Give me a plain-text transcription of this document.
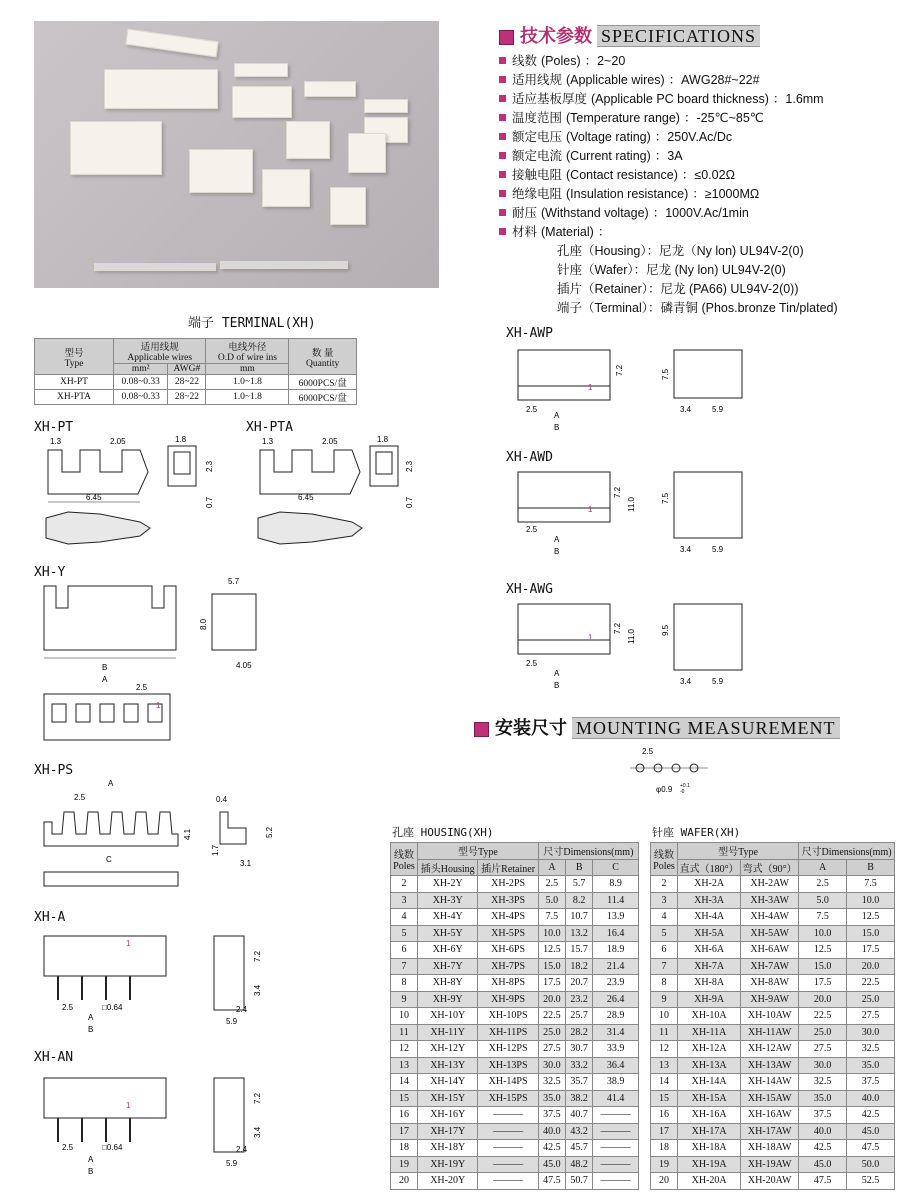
技术参数 SPECIFICATIONS
线数 (Poles) ：2~20
适用线规 (Applicable wires) ：AWG28#~22#
适应基板厚度 (Applicable PC board thickness) ：1.6mm
温度范围 (Temperature range) ：-25℃~85℃
额定电压 (Voltage rating) ：250V.Ac/Dc
额定电流 (Current rating) ：3A
接触电阻 (Contact resistance) ：≤0.02Ω
绝缘电阻 (Insulation resistance) ：≥1000MΩ
耐压 (Withstand voltage) ：1000V.Ac/1min
材料 (Material) ：
孔座（Housing）：尼龙（Ny lon) UL94V-2(0)
针座（Wafer）：尼龙 (Ny lon) UL94V-2(0)
插片（Retainer）：尼龙 (PA66) UL94V-2(0))
端子（Terminal）：磷青铜 (Phos.bronze Tin/plated)
端子 TERMINAL(XH)
型号
Type	适用线规
Applicable wires		电线外径
O.D of wire ins	数 量
Quantity
	mm²	AWG#	mm	
XH-PT	0.08~0.33	28~22	1.0~1.8	6000PCS/盘
XH-PTA	0.08~0.33	28~22	1.0~1.8	6000PCS/盘
XH-PT	XH-PTA
XH-Y
XH-PS
XH-A
XH-AN
XH-AWP
XH-AWD
XH-AWG
1.3	2.05
6.45
1.8
2.3
0.7
1.3	2.05
6.45
1.8
2.3
0.7
B
5.7
8.0
4.05
A
2.5
1
A
2.5
C
0.4
4.1	5.2
1.7
3.1
1
2.5	□0.64
A
B
7.2
3.4
2.4
5.9
1
2.5	□0.64
A
B
7.2
3.4
2.4
5.9
1
2.5
A
B
7.2	7.5
3.4	5.9
1
2.5
A
B
7.2
11.0	7.5
3.4	5.9
1
2.5
A
B
7.2
11.0	9.5
3.4	5.9
安装尺寸 MOUNTING MEASUREMENT
2.5
φ0.9 +0.1
-0
孔座 HOUSING(XH)
线数
Poles	型号Type		尺寸Dimensions(mm)		
	插头Housing	插片Retainer	A	B	C
2	XH-2Y	XH-2PS	2.5	5.7	8.9
3	XH-3Y	XH-3PS	5.0	8.2	11.4
4	XH-4Y	XH-4PS	7.5	10.7	13.9
5	XH-5Y	XH-5PS	10.0	13.2	16.4
6	XH-6Y	XH-6PS	12.5	15.7	18.9
7	XH-7Y	XH-7PS	15.0	18.2	21.4
8	XH-8Y	XH-8PS	17.5	20.7	23.9
9	XH-9Y	XH-9PS	20.0	23.2	26.4
10	XH-10Y	XH-10PS	22.5	25.7	28.9
11	XH-11Y	XH-11PS	25.0	28.2	31.4
12	XH-12Y	XH-12PS	27.5	30.7	33.9
13	XH-13Y	XH-13PS	30.0	33.2	36.4
14	XH-14Y	XH-14PS	32.5	35.7	38.9
15	XH-15Y	XH-15PS	35.0	38.2	41.4
16	XH-16Y	———	37.5	40.7	———
17	XH-17Y	———	40.0	43.2	———
18	XH-18Y	———	42.5	45.7	———
19	XH-19Y	———	45.0	48.2	———
20	XH-20Y	———	47.5	50.7	———
针座 WAFER(XH)
线数
Poles	型号Type		尺寸Dimensions(mm)	
	直式（180°）	弯式（90°）	A	B
2	XH-2A	XH-2AW	2.5	7.5
3	XH-3A	XH-3AW	5.0	10.0
4	XH-4A	XH-4AW	7.5	12.5
5	XH-5A	XH-5AW	10.0	15.0
6	XH-6A	XH-6AW	12.5	17.5
7	XH-7A	XH-7AW	15.0	20.0
8	XH-8A	XH-8AW	17.5	22.5
9	XH-9A	XH-9AW	20.0	25.0
10	XH-10A	XH-10AW	22.5	27.5
11	XH-11A	XH-11AW	25.0	30.0
12	XH-12A	XH-12AW	27.5	32.5
13	XH-13A	XH-13AW	30.0	35.0
14	XH-14A	XH-14AW	32.5	37.5
15	XH-15A	XH-15AW	35.0	40.0
16	XH-16A	XH-16AW	37.5	42.5
17	XH-17A	XH-17AW	40.0	45.0
18	XH-18A	XH-18AW	42.5	47.5
19	XH-19A	XH-19AW	45.0	50.0
20	XH-20A	XH-20AW	47.5	52.5
